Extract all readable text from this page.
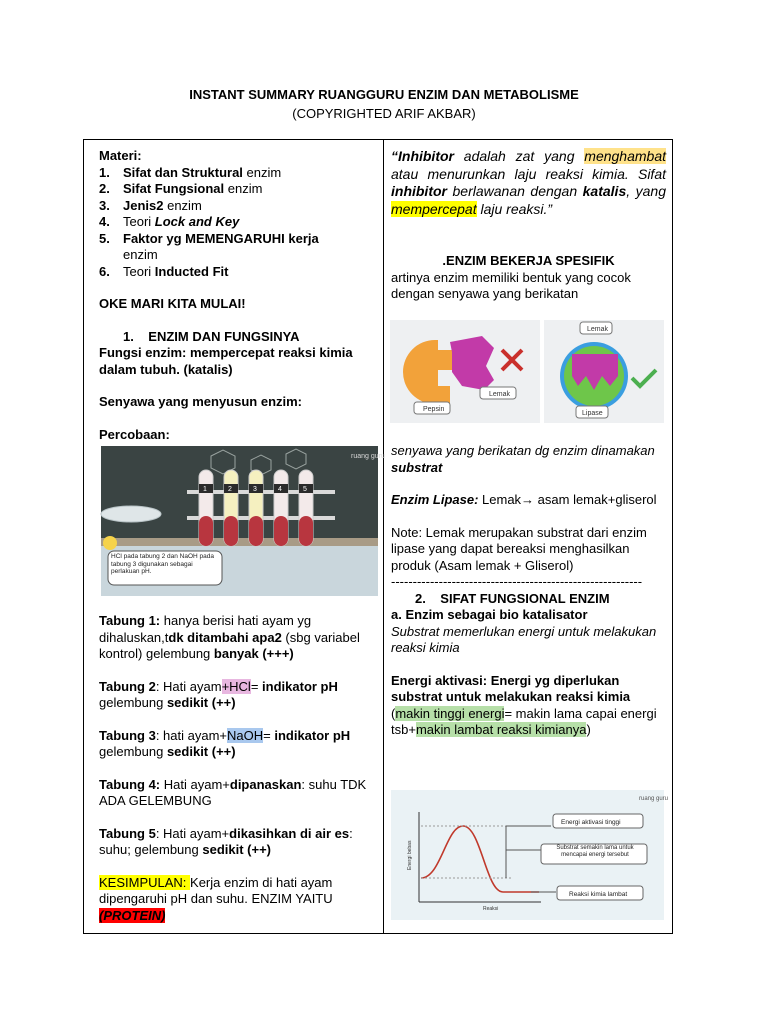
INSTANT SUMMARY RUANGGURU ENZIM DAN METABOLISME
(COPYRIGHTED ARIF AKBAR)

Materi:

1. Sifat dan Struktural enzim
2. Sifat Fungsional enzim
3. Jenis2 enzim
4. Teori Lock and Key
5. Faktor yg MEMENGARUHI kerja
enzim
6. Teori Inducted Fit

OKE MARI KITA MULAI!

1. ENZIM DAN FUNGSINYA

Fungsi enzim: mempercepat reaksi kimia dalam tubuh. (katalis)

Senyawa yang menyusun enzim:

Percobaan:

ruang guru
1	2	3	4	5
HCl pada tabung 2 dan NaOH pada tabung 3 digunakan sebagai perlakuan pH.

Tabung 1: hanya berisi hati ayam yg dihaluskan,tdk ditambahi apa2 (sbg variabel kontrol) gelembung banyak (+++)

Tabung 2: Hati ayam+HCl= indikator pH gelembung sedikit (++)

Tabung 3: hati ayam+NaOH= indikator pH gelembung sedikit (++)

Tabung 4: Hati ayam+dipanaskan: suhu TDK ADA GELEMBUNG

Tabung 5: Hati ayam+dikasihkan di air es: suhu; gelembung sedikit (++)

KESIMPULAN: Kerja enzim di hati ayam dipengaruhi pH dan suhu. ENZIM YAITU (PROTEIN)

“Inhibitor adalah zat yang menghambat atau menurunkan laju reaksi kimia. Sifat inhibitor berlawanan dengan katalis, yang mempercepat laju reaksi.”

.ENZIM BEKERJA SPESIFIK

artinya enzim memiliki bentuk yang cocok dengan senyawa yang berikatan

Pepsin
Lemak
Lemak
Lipase

senyawa yang berikatan dg enzim dinamakan substrat

Enzim Lipase: Lemak→ asam lemak+gliserol

Note: Lemak merupakan substrat dari enzim lipase yang dapat bereaksi menghasilkan produk (Asam lemak + Gliserol)

----------------------------------------------------------

2. SIFAT FUNGSIONAL ENZIM

a. Enzim sebagai bio katalisator

Substrat memerlukan energi untuk melakukan reaksi kimia

Energi aktivasi: Energi yg diperlukan substrat untuk melakukan reaksi kimia

(makin tinggi energi= makin lama capai energi tsb+makin lambat reaksi kimianya)

ruang guru
Energi bebas
Reaksi
Energi aktivasi tinggi
Substrat semakin lama untuk mencapai energi tersebut
Reaksi kimia lambat
